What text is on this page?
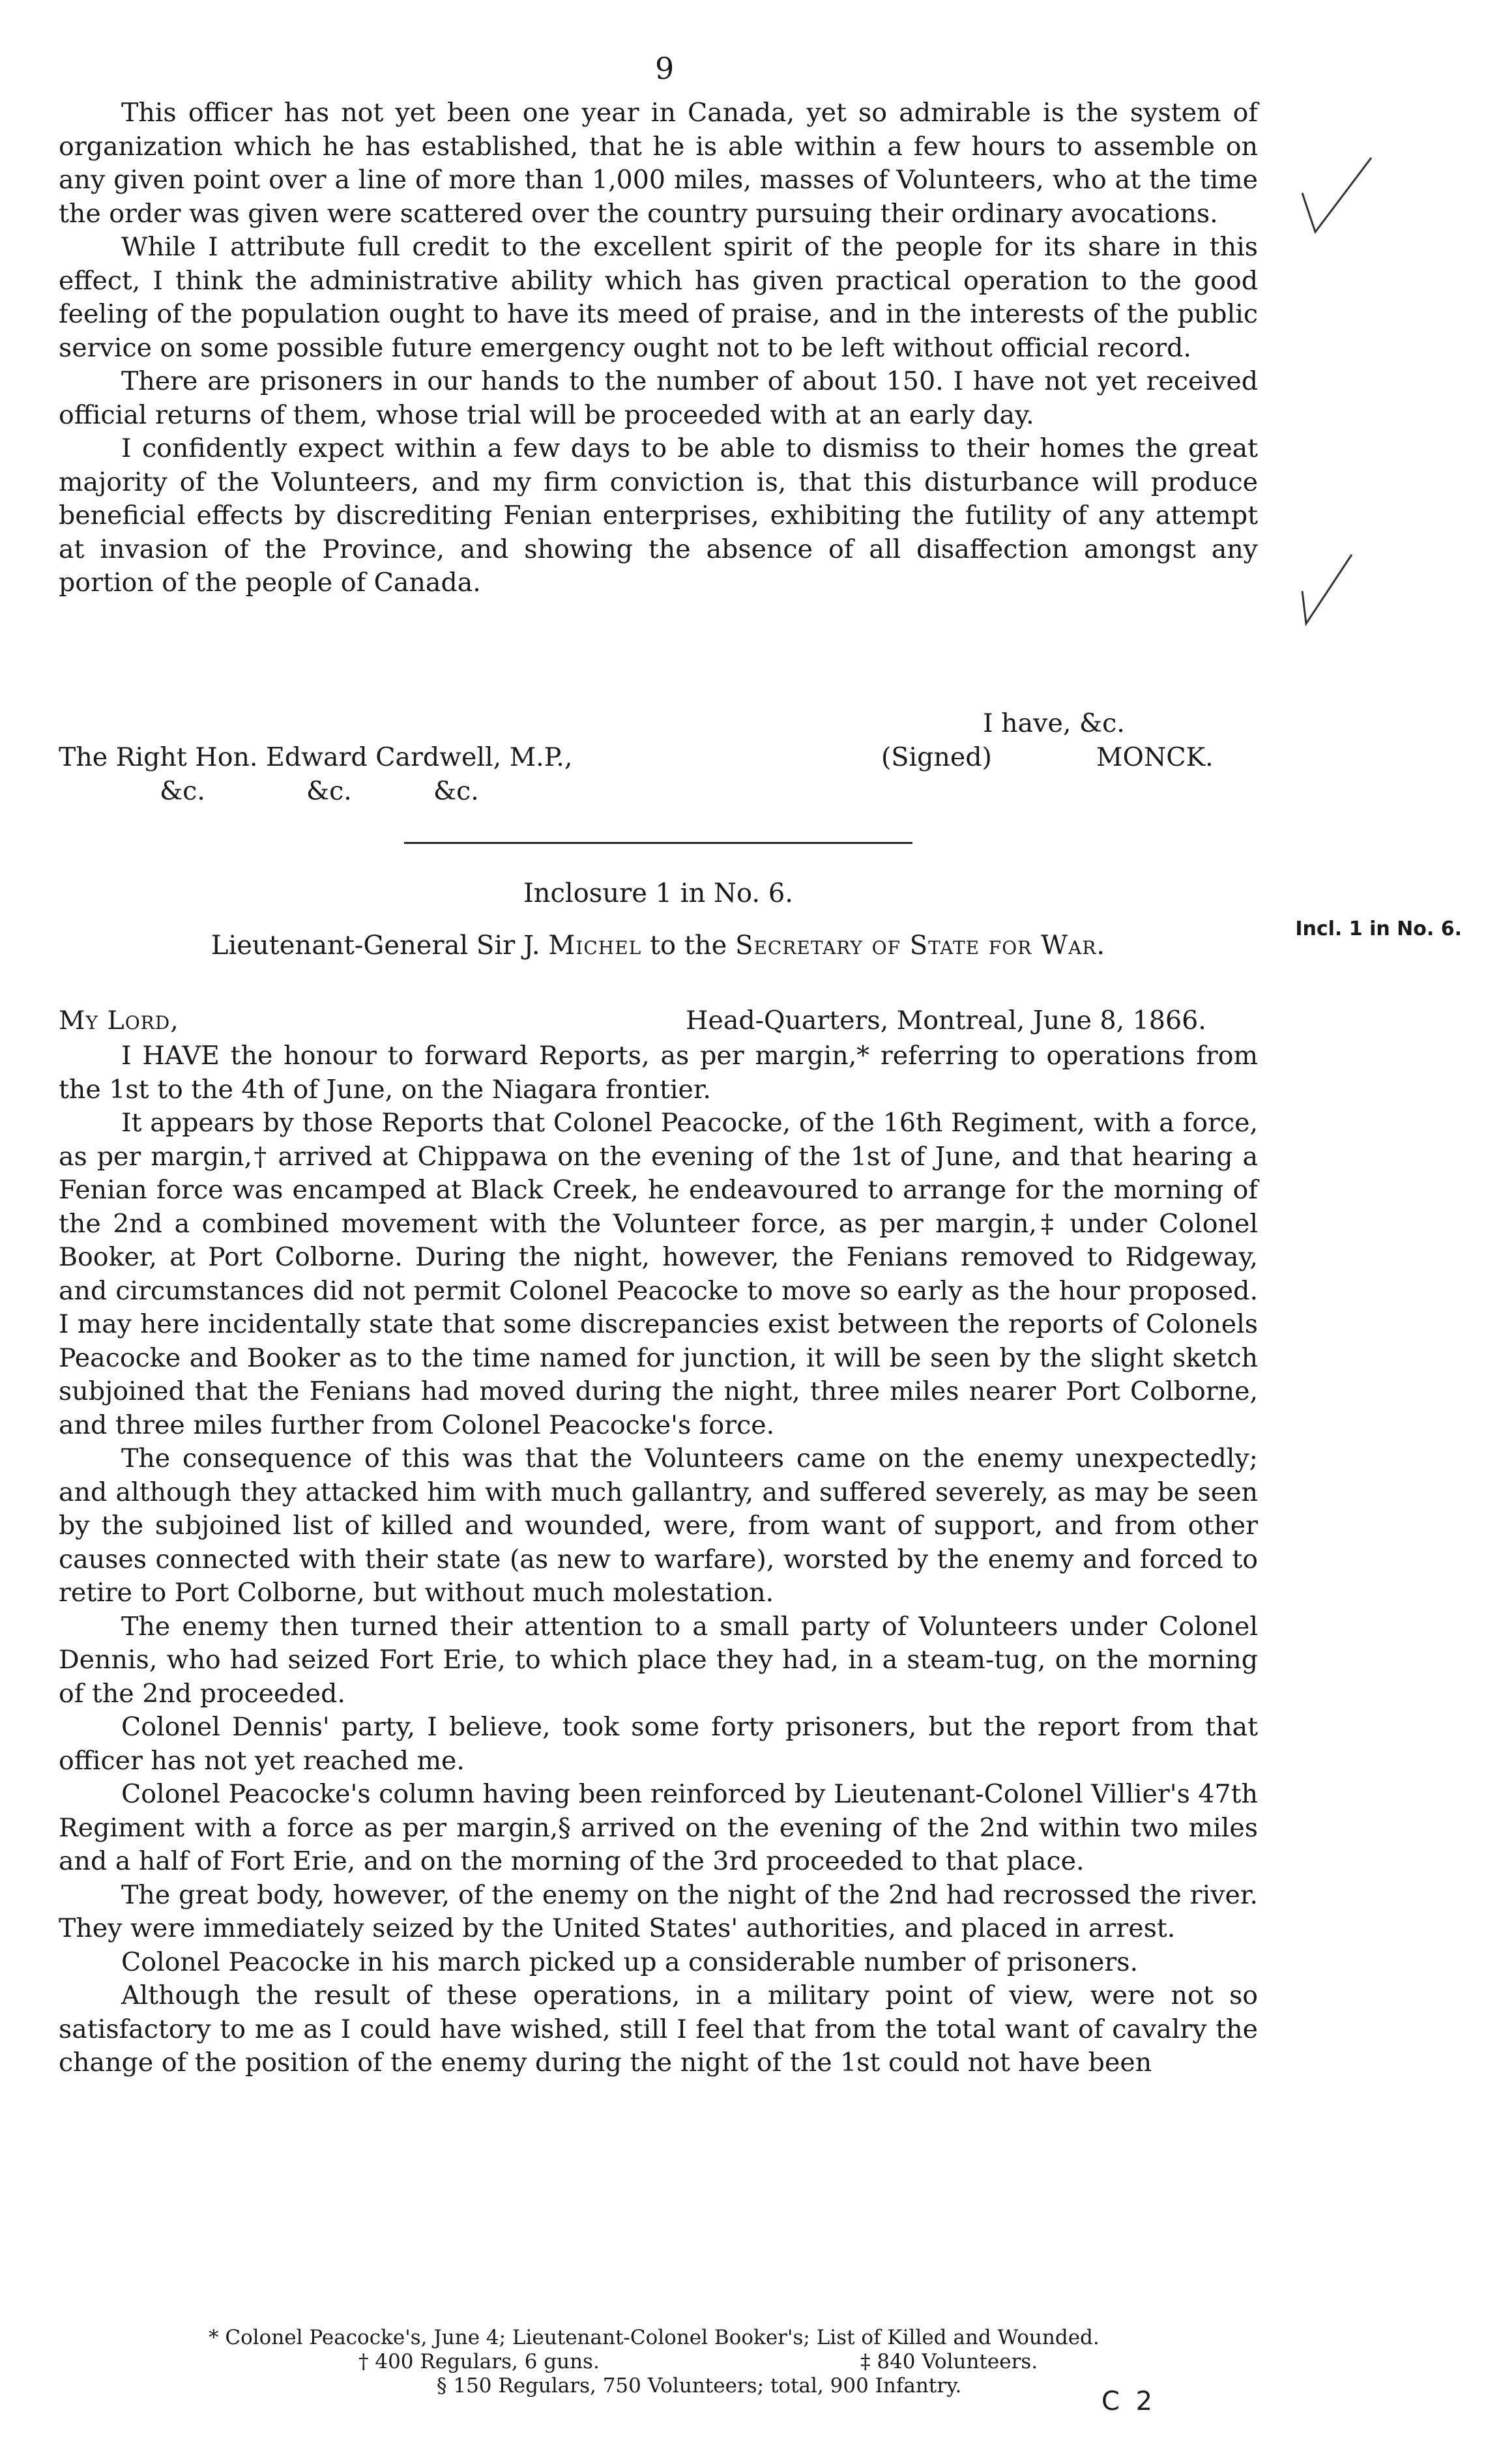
9

This officer has not yet been one year in Canada, yet so admirable is the system of organization which he has established, that he is able within a few hours to assemble on any given point over a line of more than 1,000 miles, masses of Volunteers, who at the time the order was given were scattered over the country pursuing their ordinary avocations.

While I attribute full credit to the excellent spirit of the people for its share in this effect, I think the administrative ability which has given practical operation to the good feeling of the population ought to have its meed of praise, and in the interests of the public service on some possible future emergency ought not to be left without official record.

There are prisoners in our hands to the number of about 150. I have not yet received official returns of them, whose trial will be proceeded with at an early day.

I confidently expect within a few days to be able to dismiss to their homes the great majority of the Volunteers, and my firm conviction is, that this disturbance will produce beneficial effects by discrediting Fenian enterprises, exhibiting the futility of any attempt at invasion of the Province, and showing the absence of all disaffection amongst any portion of the people of Canada.

I have, &c.
The Right Hon. Edward Cardwell, M.P.,	(Signed)	MONCK.
&c.	&c.	&c.
Inclosure 1 in No. 6.
Incl. 1 in No. 6.
Lieutenant-General Sir J. Michel to the Secretary of State for War.
My Lord,	Head-Quarters, Montreal, June 8, 1866.

I HAVE the honour to forward Reports, as per margin,* referring to operations from the 1st to the 4th of June, on the Niagara frontier.

It appears by those Reports that Colonel Peacocke, of the 16th Regiment, with a force, as per margin,† arrived at Chippawa on the evening of the 1st of June, and that hearing a Fenian force was encamped at Black Creek, he endeavoured to arrange for the morning of the 2nd a combined movement with the Volunteer force, as per margin,‡ under Colonel Booker, at Port Colborne. During the night, however, the Fenians removed to Ridgeway, and circumstances did not permit Colonel Peacocke to move so early as the hour proposed. I may here incidentally state that some discrepancies exist between the reports of Colonels Peacocke and Booker as to the time named for junction, it will be seen by the slight sketch subjoined that the Fenians had moved during the night, three miles nearer Port Colborne, and three miles further from Colonel Peacocke's force.

The consequence of this was that the Volunteers came on the enemy unexpectedly; and although they attacked him with much gallantry, and suffered severely, as may be seen by the subjoined list of killed and wounded, were, from want of support, and from other causes connected with their state (as new to warfare), worsted by the enemy and forced to retire to Port Colborne, but without much molestation.

The enemy then turned their attention to a small party of Volunteers under Colonel Dennis, who had seized Fort Erie, to which place they had, in a steam-tug, on the morning of the 2nd proceeded.

Colonel Dennis' party, I believe, took some forty prisoners, but the report from that officer has not yet reached me.

Colonel Peacocke's column having been reinforced by Lieutenant-Colonel Villier's 47th Regiment with a force as per margin,§ arrived on the evening of the 2nd within two miles and a half of Fort Erie, and on the morning of the 3rd proceeded to that place.

The great body, however, of the enemy on the night of the 2nd had recrossed the river. They were immediately seized by the United States' authorities, and placed in arrest.

Colonel Peacocke in his march picked up a considerable number of prisoners.

Although the result of these operations, in a military point of view, were not so satisfactory to me as I could have wished, still I feel that from the total want of cavalry the change of the position of the enemy during the night of the 1st could not have been

* Colonel Peacocke's, June 4; Lieutenant-Colonel Booker's; List of Killed and Wounded.
† 400 Regulars, 6 guns.	‡ 840 Volunteers.
§ 150 Regulars, 750 Volunteers; total, 900 Infantry.
C 2
